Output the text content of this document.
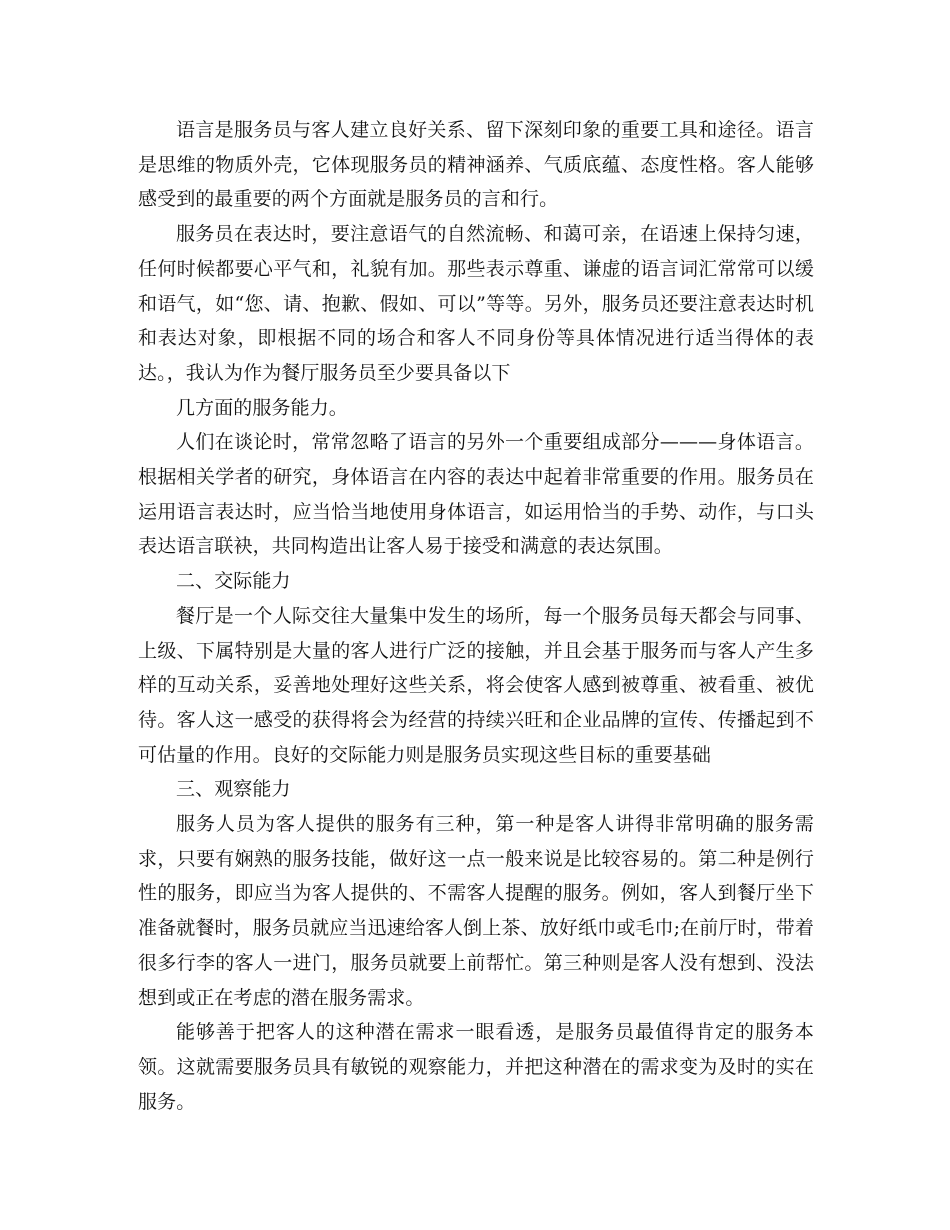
语言是服务员与客人建立良好关系、留下深刻印象的重要工具和途径。语言是思维的物质外壳，它体现服务员的精神涵养、气质底蕴、态度性格。客人能够感受到的最重要的两个方面就是服务员的言和行。

服务员在表达时，要注意语气的自然流畅、和蔼可亲，在语速上保持匀速，任何时候都要心平气和，礼貌有加。那些表示尊重、谦虚的语言词汇常常可以缓和语气，如“您、请、抱歉、假如、可以”等等。另外，服务员还要注意表达时机和表达对象，即根据不同的场合和客人不同身份等具体情况进行适当得体的表达。，我认为作为餐厅服务员至少要具备以下

几方面的服务能力。

人们在谈论时，常常忽略了语言的另外一个重要组成部分———身体语言。根据相关学者的研究，身体语言在内容的表达中起着非常重要的作用。服务员在运用语言表达时，应当恰当地使用身体语言，如运用恰当的手势、动作，与口头表达语言联袂，共同构造出让客人易于接受和满意的表达氛围。

二、交际能力

餐厅是一个人际交往大量集中发生的场所，每一个服务员每天都会与同事、上级、下属特别是大量的客人进行广泛的接触，并且会基于服务而与客人产生多样的互动关系，妥善地处理好这些关系，将会使客人感到被尊重、被看重、被优待。客人这一感受的获得将会为经营的持续兴旺和企业品牌的宣传、传播起到不可估量的作用。良好的交际能力则是服务员实现这些目标的重要基础

三、观察能力

服务人员为客人提供的服务有三种，第一种是客人讲得非常明确的服务需求，只要有娴熟的服务技能，做好这一点一般来说是比较容易的。第二种是例行性的服务，即应当为客人提供的、不需客人提醒的服务。例如，客人到餐厅坐下准备就餐时，服务员就应当迅速给客人倒上茶、放好纸巾或毛巾;在前厅时，带着很多行李的客人一进门，服务员就要上前帮忙。第三种则是客人没有想到、没法想到或正在考虑的潜在服务需求。

能够善于把客人的这种潜在需求一眼看透，是服务员最值得肯定的服务本领。这就需要服务员具有敏锐的观察能力，并把这种潜在的需求变为及时的实在服务。
